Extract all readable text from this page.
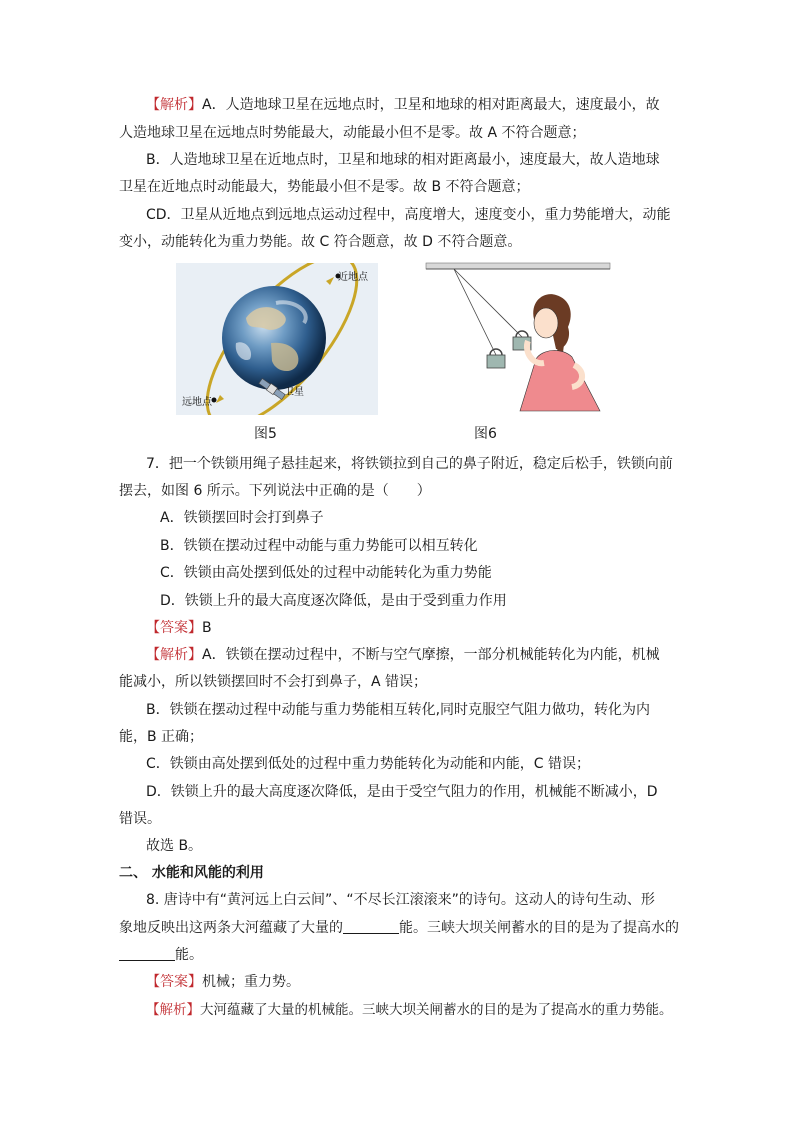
【解析】A．人造地球卫星在远地点时，卫星和地球的相对距离最大，速度最小，故
人造地球卫星在远地点时势能最大，动能最小但不是零。故 A 不符合题意；
B．人造地球卫星在近地点时，卫星和地球的相对距离最小，速度最大，故人造地球
卫星在近地点时动能最大，势能最小但不是零。故 B 不符合题意；
CD．卫星从近地点到远地点运动过程中，高度增大，速度变小，重力势能增大，动能
变小，动能转化为重力势能。故 C 符合题意，故 D 不符合题意。
近地点
远地点
卫星
图5	图6
7．把一个铁锁用绳子悬挂起来，将铁锁拉到自己的鼻子附近，稳定后松手，铁锁向前
摆去，如图 6 所示。下列说法中正确的是（　　）
A．铁锁摆回时会打到鼻子
B．铁锁在摆动过程中动能与重力势能可以相互转化
C．铁锁由高处摆到低处的过程中动能转化为重力势能
D．铁锁上升的最大高度逐次降低，是由于受到重力作用
【答案】B
【解析】A．铁锁在摆动过程中，不断与空气摩擦，一部分机械能转化为内能，机械
能减小，所以铁锁摆回时不会打到鼻子，A 错误；
B．铁锁在摆动过程中动能与重力势能相互转化,同时克服空气阻力做功，转化为内
能，B 正确；
C．铁锁由高处摆到低处的过程中重力势能转化为动能和内能，C 错误；
D．铁锁上升的最大高度逐次降低，是由于受空气阻力的作用，机械能不断减小，D
错误。
故选 B。
二、 水能和风能的利用
8. 唐诗中有“黄河远上白云间”、“不尽长江滚滚来”的诗句。这动人的诗句生动、形
象地反映出这两条大河蕴藏了大量的	能。三峡大坝关闸蓄水的目的是为了提高水的
能。
【答案】机械；重力势。
【解析】大河蕴藏了大量的机械能。三峡大坝关闸蓄水的目的是为了提高水的重力势能。
